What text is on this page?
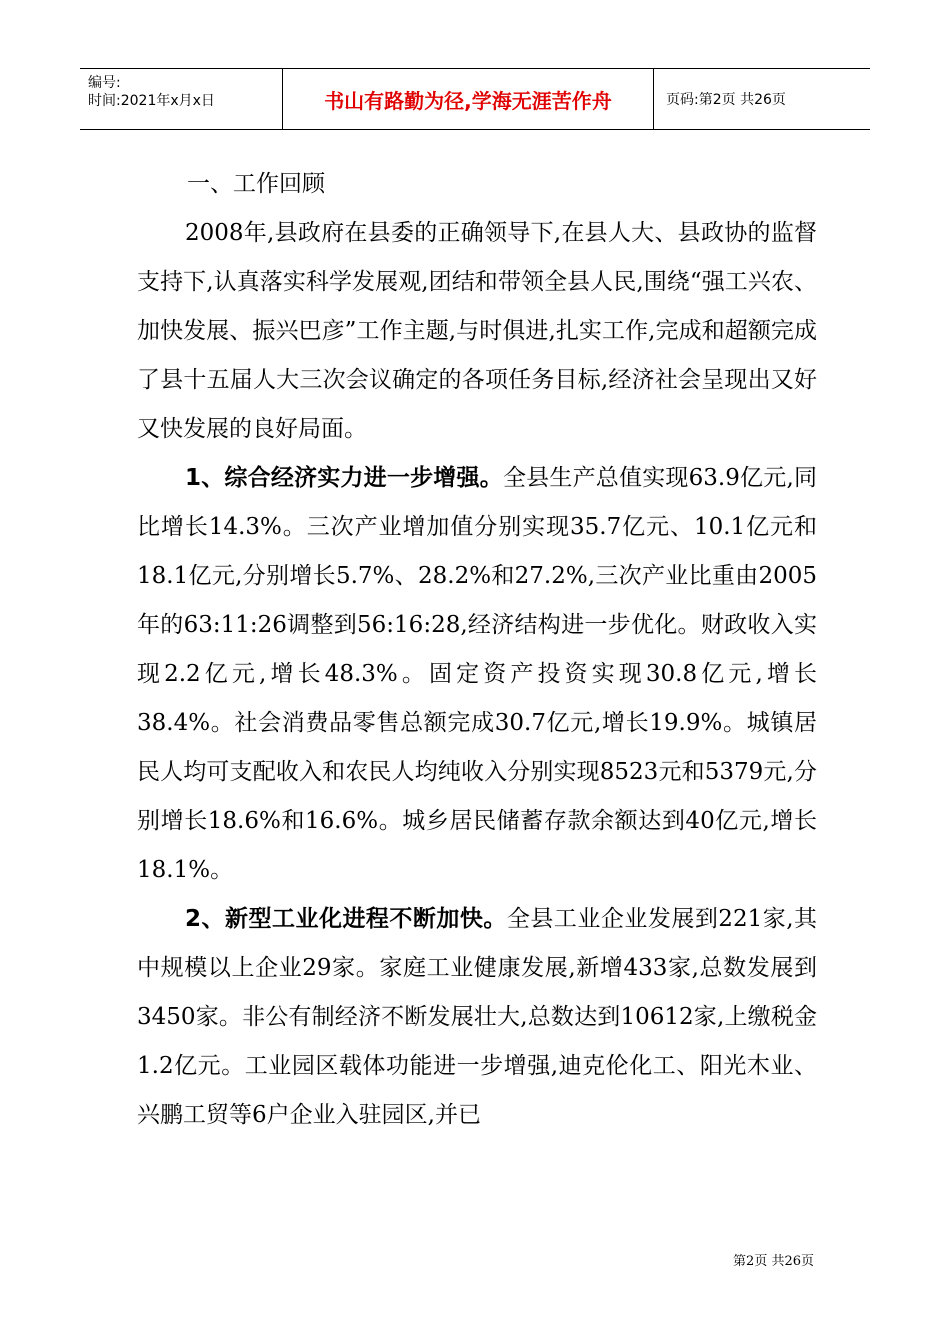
编号:
时间:2021年x月x日	书山有路勤为径,学海无涯苦作舟	页码:第2页 共26页
一、工作回顾

2008年,县政府在县委的正确领导下,在县人大、县政协的监督支持下,认真落实科学发展观,团结和带领全县人民,围绕“强工兴农、加快发展、振兴巴彦”工作主题,与时俱进,扎实工作,完成和超额完成了县十五届人大三次会议确定的各项任务目标,经济社会呈现出又好又快发展的良好局面。

1、综合经济实力进一步增强。全县生产总值实现63.9亿元,同比增长14.3%。三次产业增加值分别实现35.7亿元、10.1亿元和18.1亿元,分别增长5.7%、28.2%和27.2%,三次产业比重由2005年的63:11:26调整到56:16:28,经济结构进一步优化。财政收入实现2.2亿元,增长48.3%。固定资产投资实现30.8亿元,增长38.4%。社会消费品零售总额完成30.7亿元,增长19.9%。城镇居民人均可支配收入和农民人均纯收入分别实现8523元和5379元,分别增长18.6%和16.6%。城乡居民储蓄存款余额达到40亿元,增长18.1%。

2、新型工业化进程不断加快。全县工业企业发展到221家,其中规模以上企业29家。家庭工业健康发展,新增433家,总数发展到3450家。非公有制经济不断发展壮大,总数达到10612家,上缴税金1.2亿元。工业园区载体功能进一步增强,迪克伦化工、阳光木业、兴鹏工贸等6户企业入驻园区,并已

第2页 共26页
